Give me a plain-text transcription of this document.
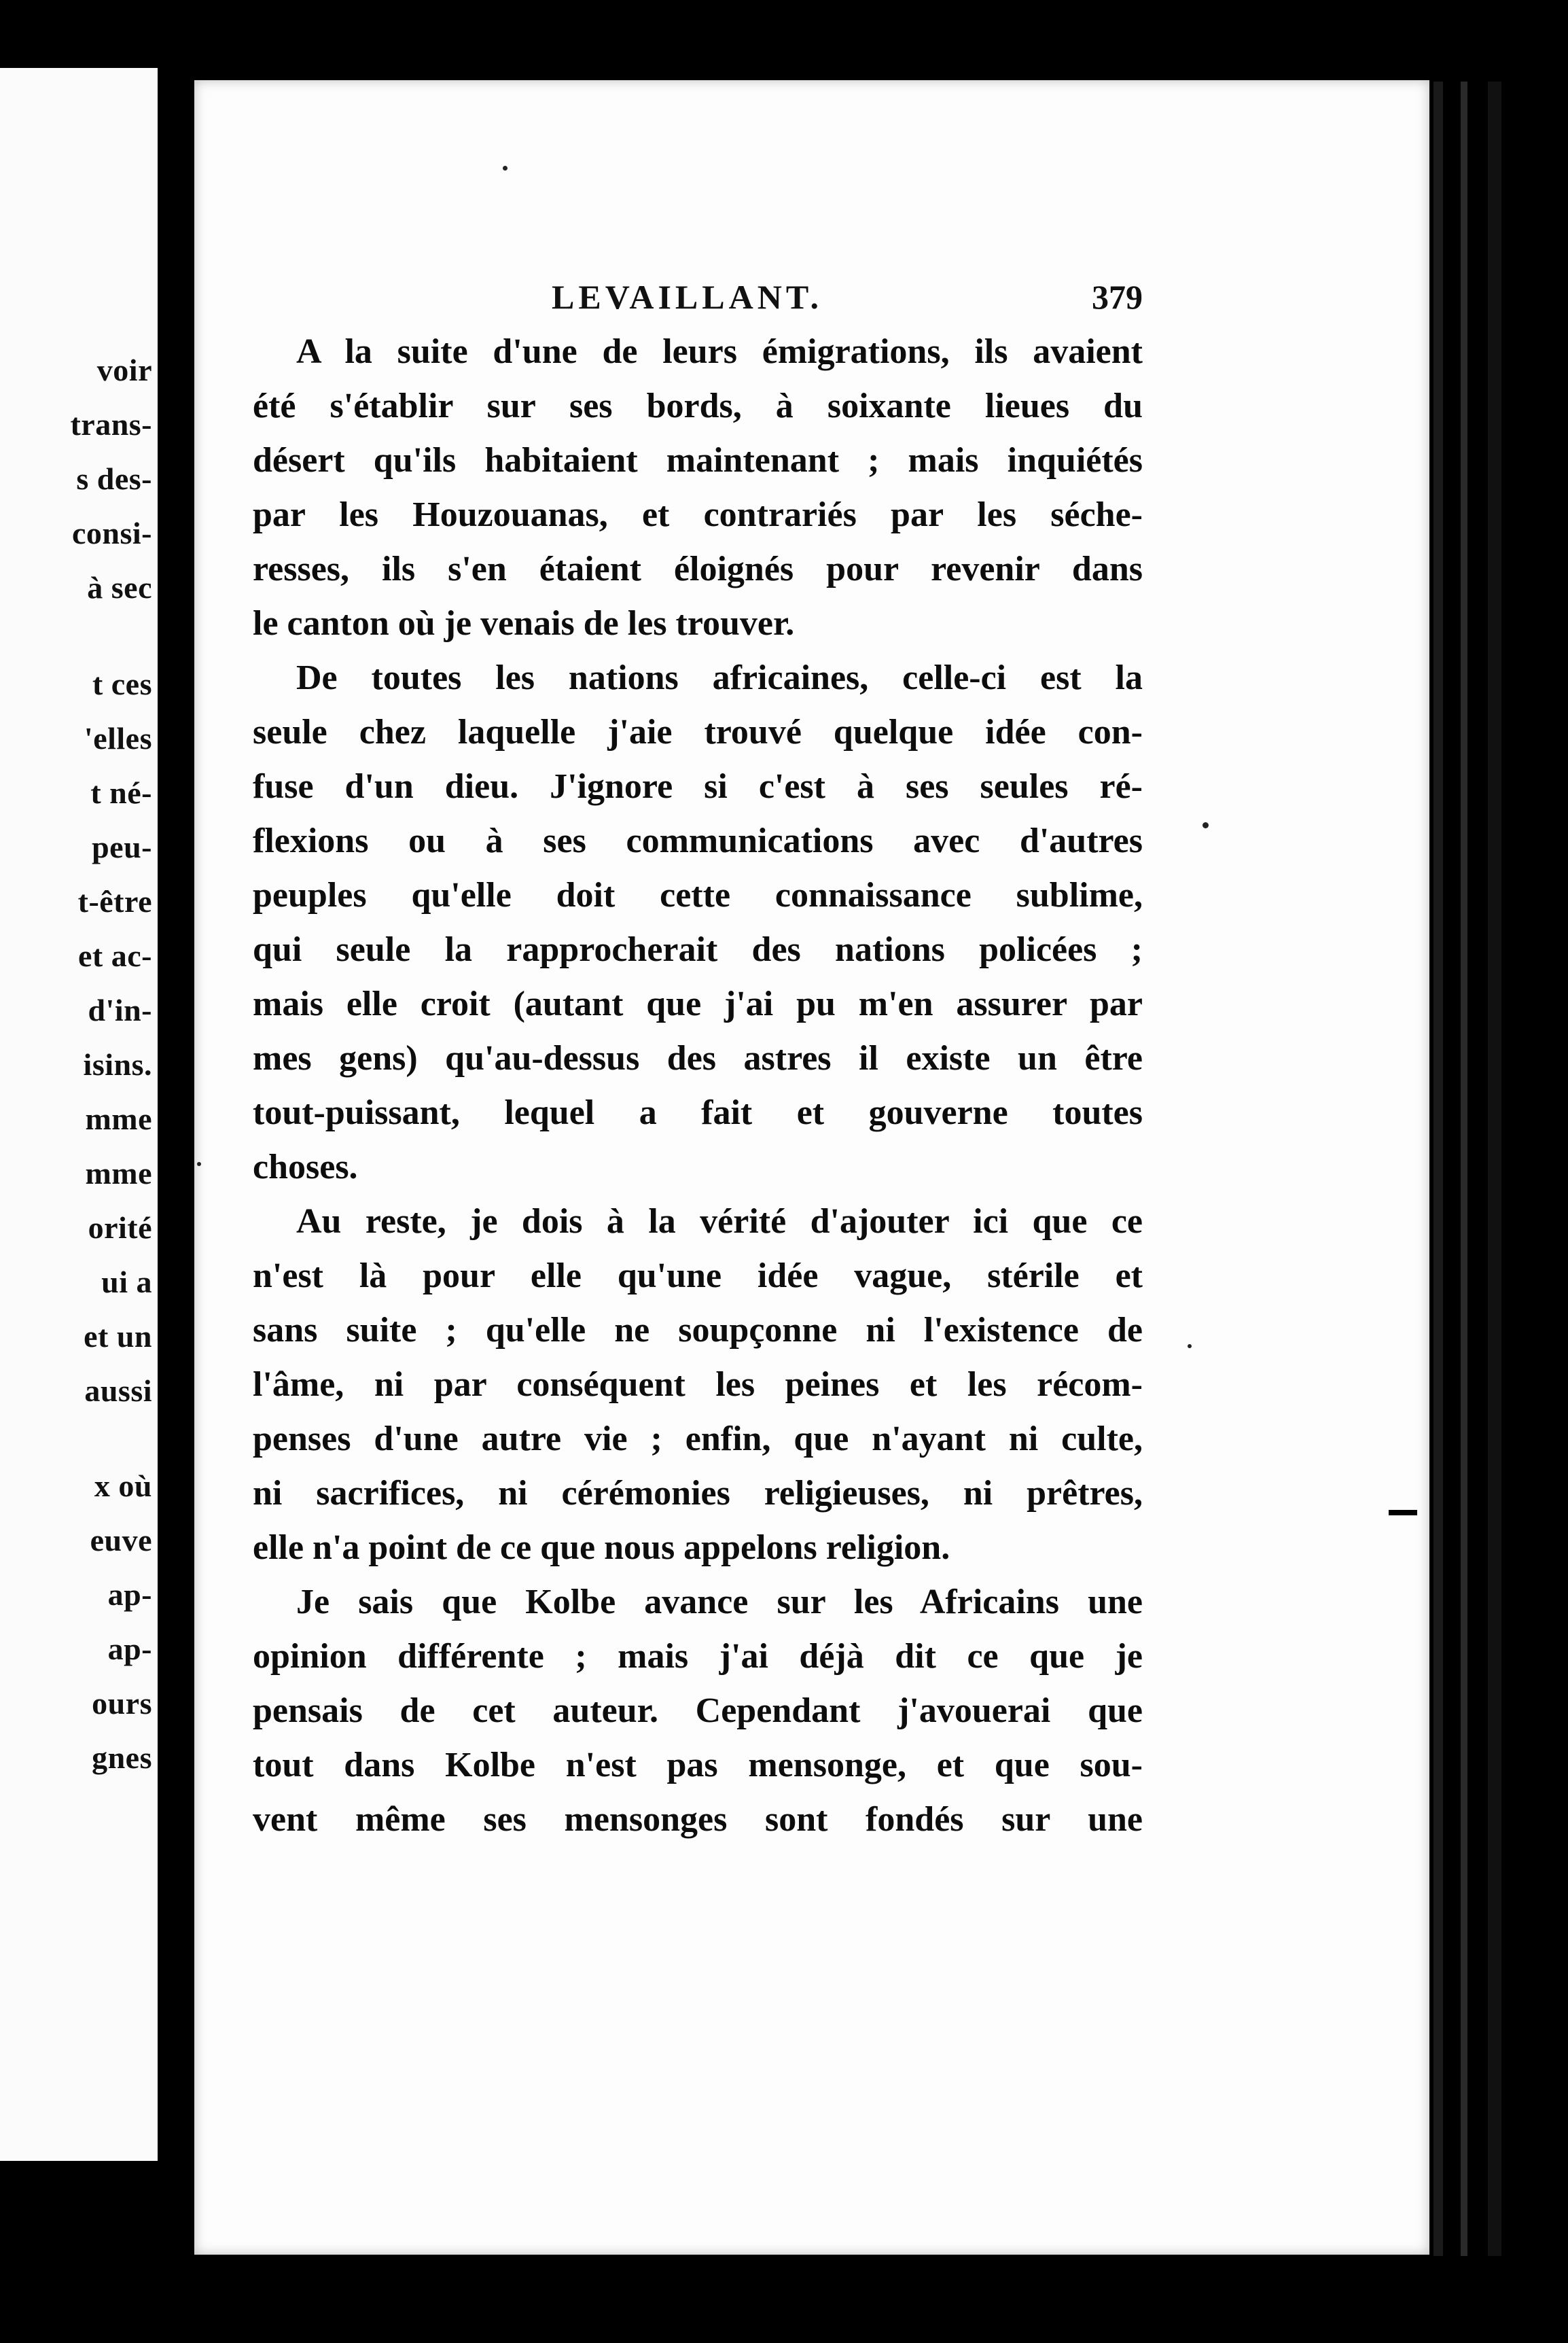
voir
trans-
s des-
consi-
à sec
t ces
'elles
t né-
peu-
t-être
et ac-
d'in-
isins.
mme
mme
orité
ui a
et un
aussi
x où
euve
ap-
ap-
ours
gnes
LEVAILLANT.	379
A la suite d'une de leurs émigrations, ils avaient
été s'établir sur ses bords, à soixante lieues du
désert qu'ils habitaient maintenant ; mais inquiétés
par les Houzouanas, et contrariés par les séche-
resses, ils s'en étaient éloignés pour revenir dans
le canton où je venais de les trouver.
De toutes les nations africaines, celle-ci est la
seule chez laquelle j'aie trouvé quelque idée con-
fuse d'un dieu. J'ignore si c'est à ses seules ré-
flexions ou à ses communications avec d'autres
peuples qu'elle doit cette connaissance sublime,
qui seule la rapprocherait des nations policées ;
mais elle croit (autant que j'ai pu m'en assurer par
mes gens) qu'au-dessus des astres il existe un être
tout-puissant, lequel a fait et gouverne toutes
choses.
Au reste, je dois à la vérité d'ajouter ici que ce
n'est là pour elle qu'une idée vague, stérile et
sans suite ; qu'elle ne soupçonne ni l'existence de
l'âme, ni par conséquent les peines et les récom-
penses d'une autre vie ; enfin, que n'ayant ni culte,
ni sacrifices, ni cérémonies religieuses, ni prêtres,
elle n'a point de ce que nous appelons religion.
Je sais que Kolbe avance sur les Africains une
opinion différente ; mais j'ai déjà dit ce que je
pensais de cet auteur. Cependant j'avouerai que
tout dans Kolbe n'est pas mensonge, et que sou-
vent même ses mensonges sont fondés sur une
